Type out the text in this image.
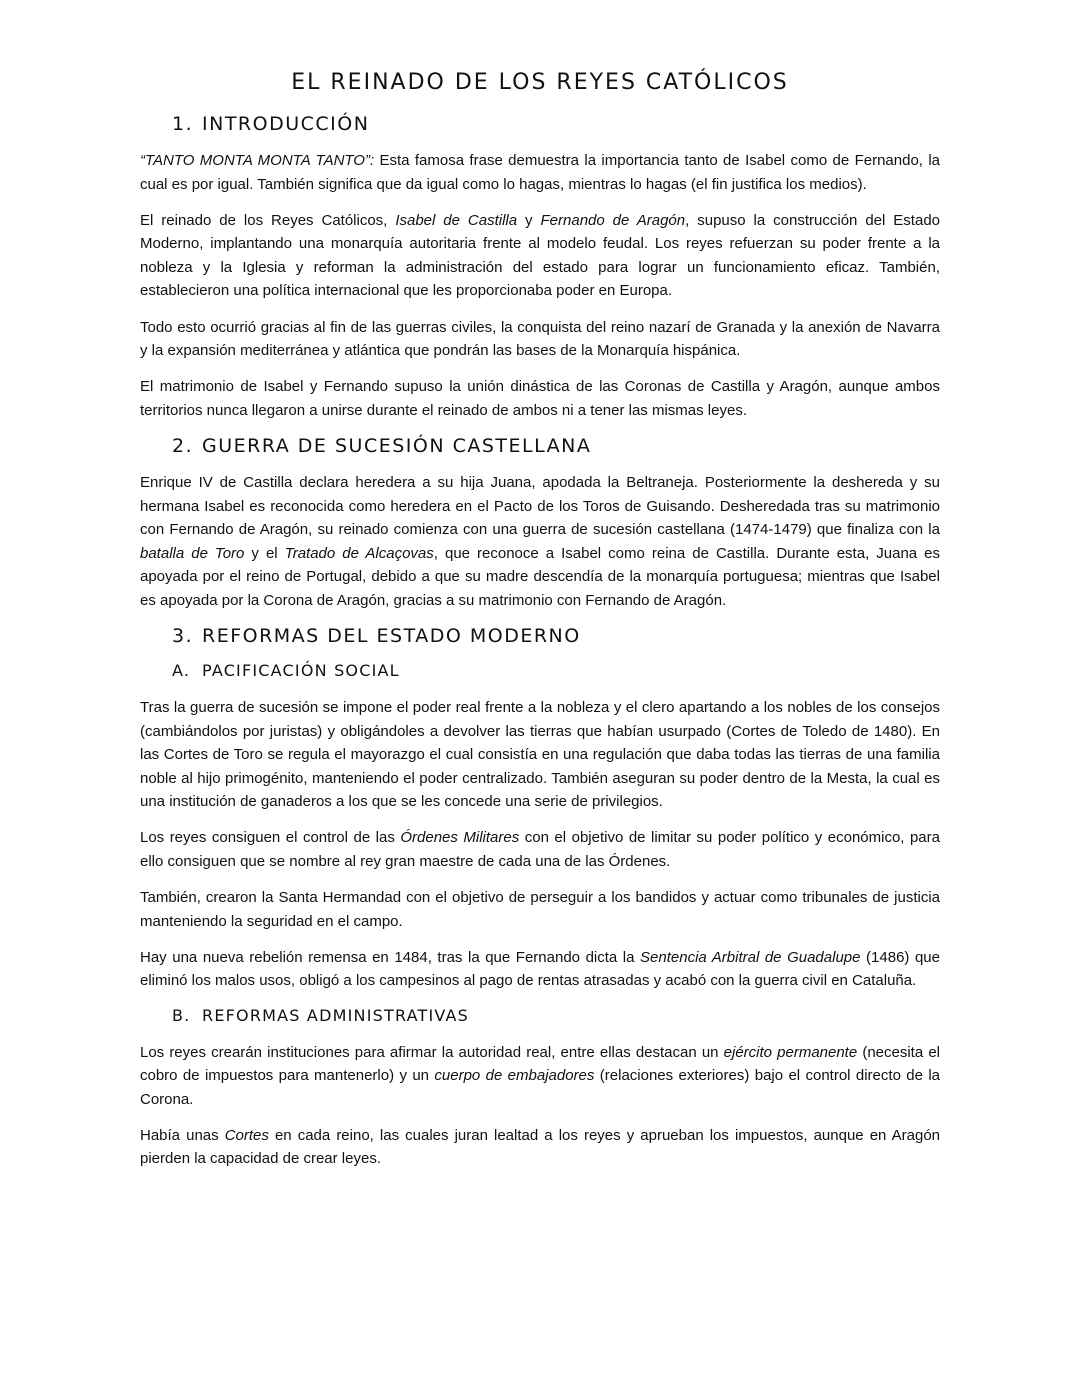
EL REINADO DE LOS REYES CATÓLICOS
1. INTRODUCCIÓN

“TANTO MONTA MONTA TANTO”: Esta famosa frase demuestra la importancia tanto de Isabel como de Fernando, la cual es por igual. También significa que da igual como lo hagas, mientras lo hagas (el fin justifica los medios).

El reinado de los Reyes Católicos, Isabel de Castilla y Fernando de Aragón, supuso la construcción del Estado Moderno, implantando una monarquía autoritaria frente al modelo feudal. Los reyes refuerzan su poder frente a la nobleza y la Iglesia y reforman la administración del estado para lograr un funcionamiento eficaz. También, establecieron una política internacional que les proporcionaba poder en Europa.

Todo esto ocurrió gracias al fin de las guerras civiles, la conquista del reino nazarí de Granada y la anexión de Navarra y la expansión mediterránea y atlántica que pondrán las bases de la Monarquía hispánica.

El matrimonio de Isabel y Fernando supuso la unión dinástica de las Coronas de Castilla y Aragón, aunque ambos territorios nunca llegaron a unirse durante el reinado de ambos ni a tener las mismas leyes.

2. GUERRA DE SUCESIÓN CASTELLANA

Enrique IV de Castilla declara heredera a su hija Juana, apodada la Beltraneja. Posteriormente la deshereda y su hermana Isabel es reconocida como heredera en el Pacto de los Toros de Guisando. Desheredada tras su matrimonio con Fernando de Aragón, su reinado comienza con una guerra de sucesión castellana (1474-1479) que finaliza con la batalla de Toro y el Tratado de Alcaçovas, que reconoce a Isabel como reina de Castilla. Durante esta, Juana es apoyada por el reino de Portugal, debido a que su madre descendía de la monarquía portuguesa; mientras que Isabel es apoyada por la Corona de Aragón, gracias a su matrimonio con Fernando de Aragón.

3. REFORMAS DEL ESTADO MODERNO
A. PACIFICACIÓN SOCIAL

Tras la guerra de sucesión se impone el poder real frente a la nobleza y el clero apartando a los nobles de los consejos (cambiándolos por juristas) y obligándoles a devolver las tierras que habían usurpado (Cortes de Toledo de 1480). En las Cortes de Toro se regula el mayorazgo el cual consistía en una regulación que daba todas las tierras de una familia noble al hijo primogénito, manteniendo el poder centralizado. También aseguran su poder dentro de la Mesta, la cual es una institución de ganaderos a los que se les concede una serie de privilegios.

Los reyes consiguen el control de las Órdenes Militares con el objetivo de limitar su poder político y económico, para ello consiguen que se nombre al rey gran maestre de cada una de las Órdenes.

También, crearon la Santa Hermandad con el objetivo de perseguir a los bandidos y actuar como tribunales de justicia manteniendo la seguridad en el campo.

Hay una nueva rebelión remensa en 1484, tras la que Fernando dicta la Sentencia Arbitral de Guadalupe (1486) que eliminó los malos usos, obligó a los campesinos al pago de rentas atrasadas y acabó con la guerra civil en Cataluña.

B. REFORMAS ADMINISTRATIVAS

Los reyes crearán instituciones para afirmar la autoridad real, entre ellas destacan un ejército permanente (necesita el cobro de impuestos para mantenerlo) y un cuerpo de embajadores (relaciones exteriores) bajo el control directo de la Corona.

Había unas Cortes en cada reino, las cuales juran lealtad a los reyes y aprueban los impuestos, aunque en Aragón pierden la capacidad de crear leyes.
